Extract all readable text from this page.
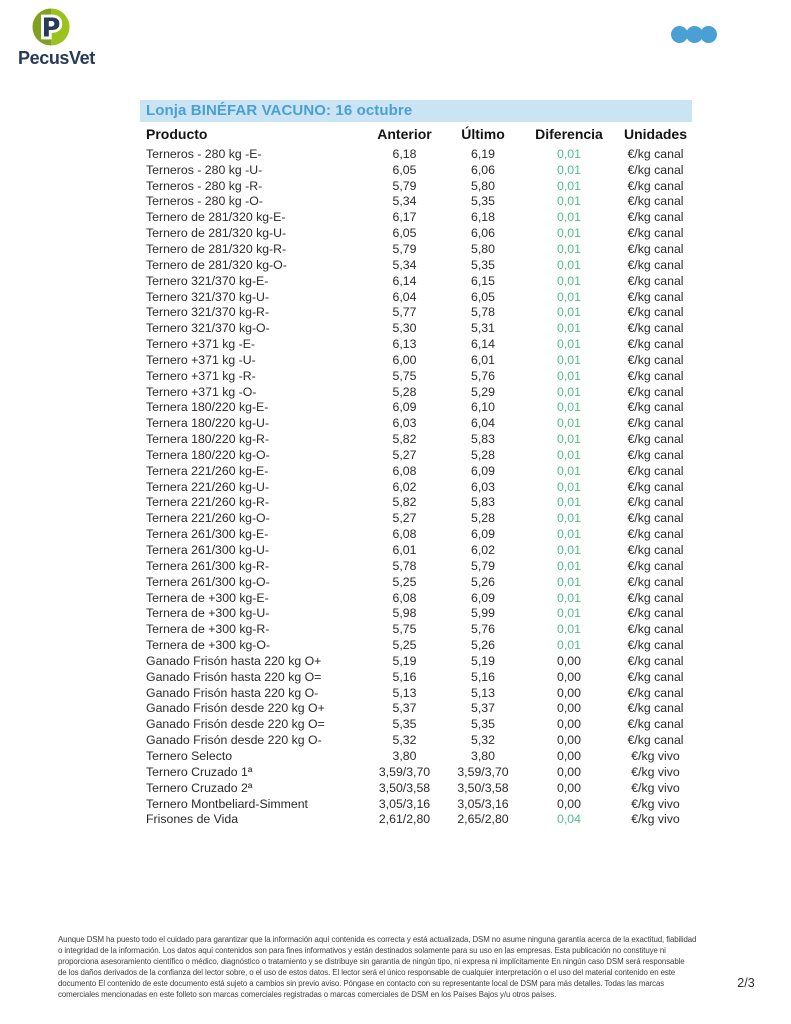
P
PecusVet
Lonja BINÉFAR VACUNO: 16 octubre
Producto	Anterior	Último	Diferencia	Unidades
Terneros - 280 kg -E-	6,18	6,19	0,01	€/kg canal
Terneros - 280 kg -U-	6,05	6,06	0,01	€/kg canal
Terneros - 280 kg -R-	5,79	5,80	0,01	€/kg canal
Terneros - 280 kg -O-	5,34	5,35	0,01	€/kg canal
Ternero de 281/320 kg-E-	6,17	6,18	0,01	€/kg canal
Ternero de 281/320 kg-U-	6,05	6,06	0,01	€/kg canal
Ternero de 281/320 kg-R-	5,79	5,80	0,01	€/kg canal
Ternero de 281/320 kg-O-	5,34	5,35	0,01	€/kg canal
Ternero 321/370 kg-E-	6,14	6,15	0,01	€/kg canal
Ternero 321/370 kg-U-	6,04	6,05	0,01	€/kg canal
Ternero 321/370 kg-R-	5,77	5,78	0,01	€/kg canal
Ternero 321/370 kg-O-	5,30	5,31	0,01	€/kg canal
Ternero +371 kg -E-	6,13	6,14	0,01	€/kg canal
Ternero +371 kg -U-	6,00	6,01	0,01	€/kg canal
Ternero +371 kg -R-	5,75	5,76	0,01	€/kg canal
Ternero +371 kg -O-	5,28	5,29	0,01	€/kg canal
Ternera 180/220 kg-E-	6,09	6,10	0,01	€/kg canal
Ternera 180/220 kg-U-	6,03	6,04	0,01	€/kg canal
Ternera 180/220 kg-R-	5,82	5,83	0,01	€/kg canal
Ternera 180/220 kg-O-	5,27	5,28	0,01	€/kg canal
Ternera 221/260 kg-E-	6,08	6,09	0,01	€/kg canal
Ternera 221/260 kg-U-	6,02	6,03	0,01	€/kg canal
Ternera 221/260 kg-R-	5,82	5,83	0,01	€/kg canal
Ternera 221/260 kg-O-	5,27	5,28	0,01	€/kg canal
Ternera 261/300 kg-E-	6,08	6,09	0,01	€/kg canal
Ternera 261/300 kg-U-	6,01	6,02	0,01	€/kg canal
Ternera 261/300 kg-R-	5,78	5,79	0,01	€/kg canal
Ternera 261/300 kg-O-	5,25	5,26	0,01	€/kg canal
Ternera de +300 kg-E-	6,08	6,09	0,01	€/kg canal
Ternera de +300 kg-U-	5,98	5,99	0,01	€/kg canal
Ternera de +300 kg-R-	5,75	5,76	0,01	€/kg canal
Ternera de +300 kg-O-	5,25	5,26	0,01	€/kg canal
Ganado Frisón hasta 220 kg O+	5,19	5,19	0,00	€/kg canal
Ganado Frisón hasta 220 kg O=	5,16	5,16	0,00	€/kg canal
Ganado Frisón hasta 220 kg O-	5,13	5,13	0,00	€/kg canal
Ganado Frisón desde 220 kg O+	5,37	5,37	0,00	€/kg canal
Ganado Frisón desde 220 kg O=	5,35	5,35	0,00	€/kg canal
Ganado Frisón desde 220 kg O-	5,32	5,32	0,00	€/kg canal
Ternero Selecto	3,80	3,80	0,00	€/kg vivo
Ternero Cruzado 1ª	3,59/3,70	3,59/3,70	0,00	€/kg vivo
Ternero Cruzado 2ª	3,50/3,58	3,50/3,58	0,00	€/kg vivo
Ternero Montbeliard-Simment	3,05/3,16	3,05/3,16	0,00	€/kg vivo
Frisones de Vida	2,61/2,80	2,65/2,80	0,04	€/kg vivo
Aunque DSM ha puesto todo el cuidado para garantizar que la información aquí contenida es correcta y está actualizada, DSM no asume ninguna garantía acerca de la exactitud, fiabilidad
o integridad de la información. Los datos aquí contenidos son para fines informativos y están destinados solamente para su uso en las empresas. Esta publicación no constituye ni
proporciona asesoramiento científico o médico, diagnóstico o tratamiento y se distribuye sin garantía de ningún tipo, ni expresa ni implícitamente En ningún caso DSM será responsable
de los daños derivados de la confianza del lector sobre, o el uso de estos datos. El lector será el único responsable de cualquier interpretación o el uso del material contenido en este
documento El contenido de este documento está sujeto a cambios sin previo aviso. Póngase en contacto con su representante local de DSM para más detalles. Todas las marcas
comerciales mencionadas en este folleto son marcas comerciales registradas o marcas comerciales de DSM en los Países Bajos y/u otros países.
2/3
